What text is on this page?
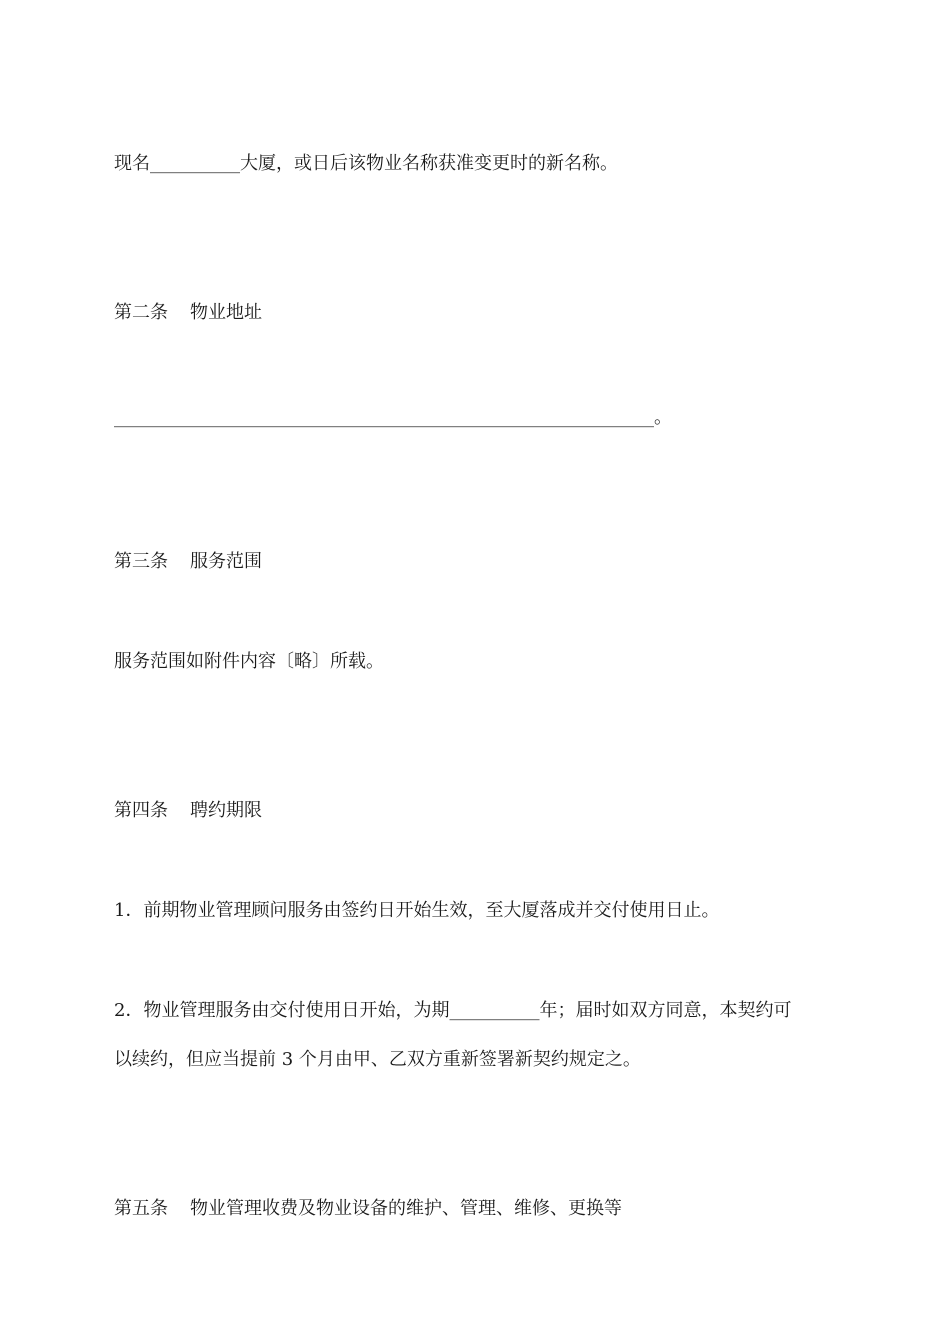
现名__________大厦，或日后该物业名称获准变更时的新名称。
第二条 物业地址
____________________________________________________________。
第三条 服务范围
服务范围如附件内容〔略〕所载。
第四条 聘约期限
1．前期物业管理顾问服务由签约日开始生效，至大厦落成并交付使用日止。
2．物业管理服务由交付使用日开始，为期__________年；届时如双方同意，本契约可
以续约，但应当提前 3 个月由甲、乙双方重新签署新契约规定之。
第五条 物业管理收费及物业设备的维护、管理、维修、更换等
